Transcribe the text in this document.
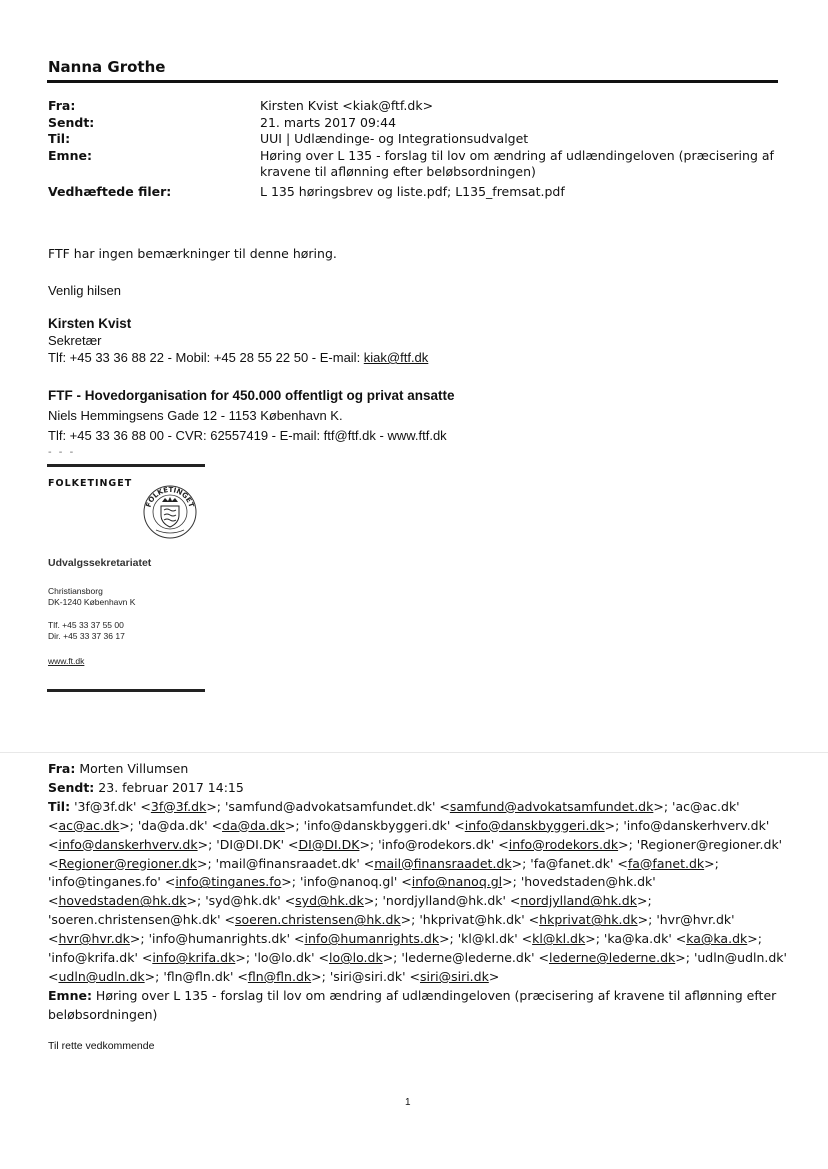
Nanna Grothe
Fra:	Kirsten Kvist <kiak@ftf.dk>
Sendt:	21. marts 2017 09:44
Til:	UUI | Udlændinge- og Integrationsudvalget
Emne:	Høring over L 135 - forslag til lov om ændring af udlændingeloven (præcisering af kravene til aflønning efter beløbsordningen)
Vedhæftede filer:	L 135 høringsbrev og liste.pdf; L135_fremsat.pdf
FTF har ingen bemærkninger til denne høring.
Venlig hilsen
Kirsten Kvist
Sekretær
Tlf: +45 33 36 88 22 - Mobil: +45 28 55 22 50 - E-mail: kiak@ftf.dk
FTF - Hovedorganisation for 450.000 offentligt og privat ansatte
Niels Hemmingsens Gade 12 - 1153 København K.
Tlf: +45 33 36 88 00 - CVR: 62557419 - E-mail: ftf@ftf.dk - www.ftf.dk
- - -
FOLKETINGET
FOLKETINGET
Udvalgssekretariatet
Christiansborg
DK-1240 København K
Tlf. +45 33 37 55 00
Dir. +45 33 37 36 17
www.ft.dk
Fra: Morten Villumsen
Sendt: 23. februar 2017 14:15
Til: '3f@3f.dk' <3f@3f.dk>; 'samfund@advokatsamfundet.dk' <samfund@advokatsamfundet.dk>; 'ac@ac.dk' <ac@ac.dk>; 'da@da.dk' <da@da.dk>; 'info@danskbyggeri.dk' <info@danskbyggeri.dk>; 'info@danskerhverv.dk' <info@danskerhverv.dk>; 'DI@DI.DK' <DI@DI.DK>; 'info@rodekors.dk' <info@rodekors.dk>; 'Regioner@regioner.dk' <Regioner@regioner.dk>; 'mail@finansraadet.dk' <mail@finansraadet.dk>; 'fa@fanet.dk' <fa@fanet.dk>; 'info@tinganes.fo' <info@tinganes.fo>; 'info@nanoq.gl' <info@nanoq.gl>; 'hovedstaden@hk.dk' <hovedstaden@hk.dk>; 'syd@hk.dk' <syd@hk.dk>; 'nordjylland@hk.dk' <nordjylland@hk.dk>; 'soeren.christensen@hk.dk' <soeren.christensen@hk.dk>; 'hkprivat@hk.dk' <hkprivat@hk.dk>; 'hvr@hvr.dk' <hvr@hvr.dk>; 'info@humanrights.dk' <info@humanrights.dk>; 'kl@kl.dk' <kl@kl.dk>; 'ka@ka.dk' <ka@ka.dk>; 'info@krifa.dk' <info@krifa.dk>; 'lo@lo.dk' <lo@lo.dk>; 'lederne@lederne.dk' <lederne@lederne.dk>; 'udln@udln.dk' <udln@udln.dk>; 'fln@fln.dk' <fln@fln.dk>; 'siri@siri.dk' <siri@siri.dk>
Emne: Høring over L 135 - forslag til lov om ændring af udlændingeloven (præcisering af kravene til aflønning efter beløbsordningen)
Til rette vedkommende
1
